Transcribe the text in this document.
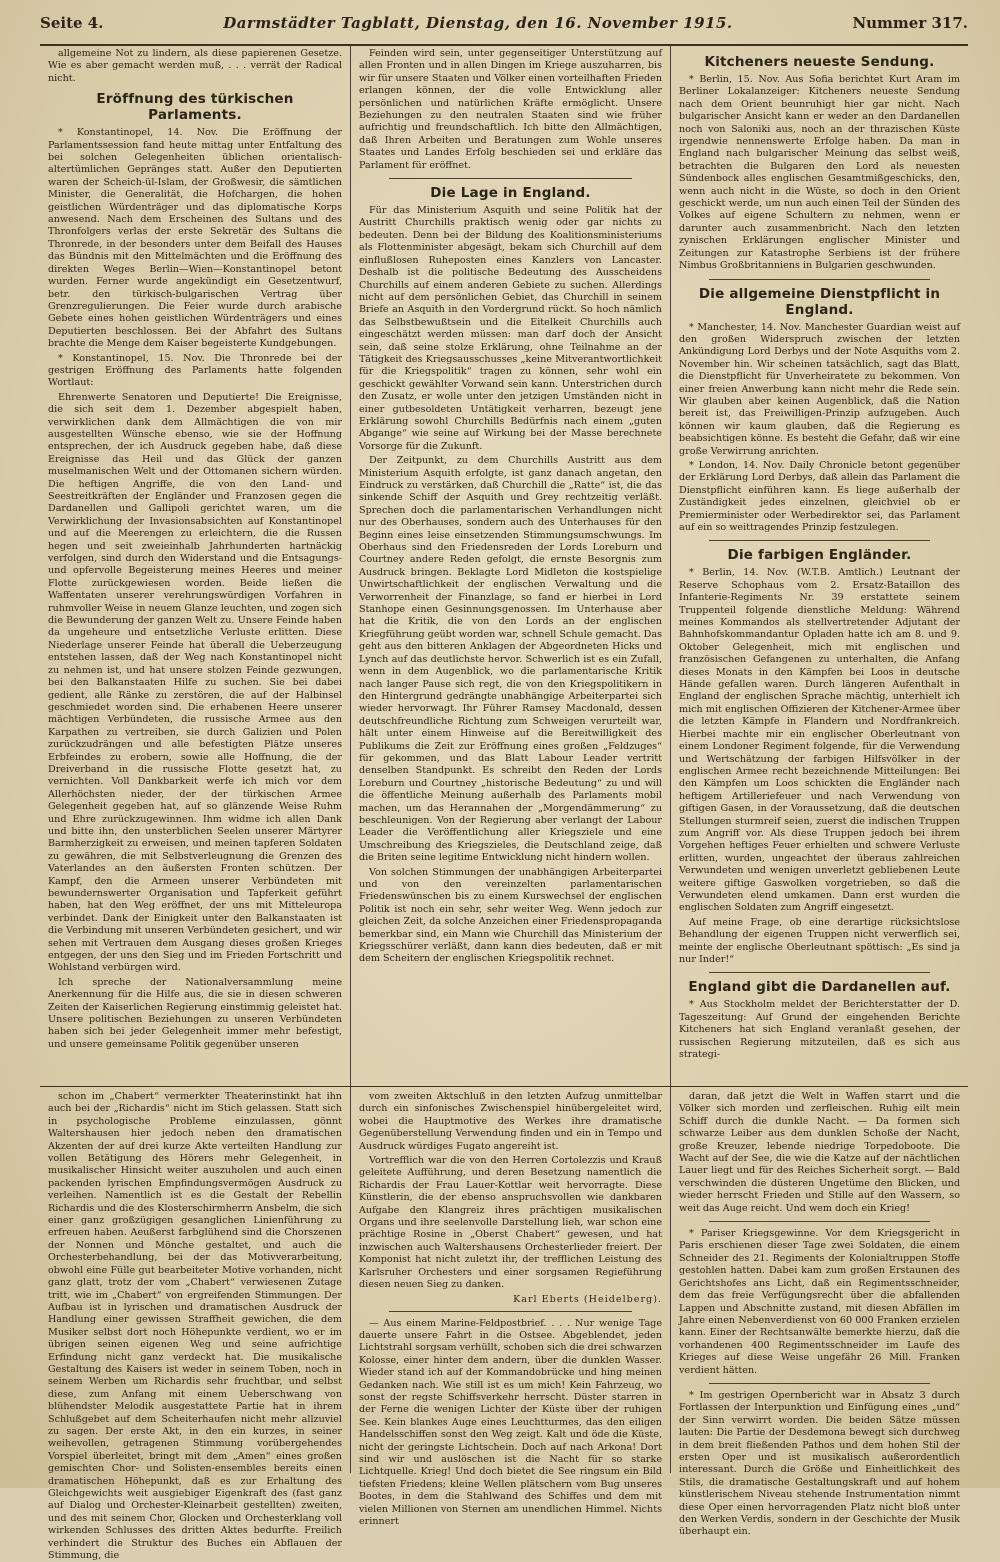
Seite 4.	Darmstädter Tagblatt, Dienstag, den 16. November 1915.	Nummer 317.

allgemeine Not zu lindern, als diese papierenen Gesetze. Wie es aber gemacht werden muß, . . . verrät der Radical nicht.

Eröffnung des türkischen Parlaments.

* Konstantinopel, 14. Nov. Die Eröffnung der Parlamentssession fand heute mittag unter Entfaltung des bei solchen Gelegenheiten üblichen orientalisch-altertümlichen Gepränges statt. Außer den Deputierten waren der Scheich-ül-Islam, der Großwesir, die sämtlichen Minister, die Generalität, die Hofchargen, die hohen geistlichen Würdenträger und das diplomatische Korps anwesend. Nach dem Erscheinen des Sultans und des Thronfolgers verlas der erste Sekretär des Sultans die Thronrede, in der besonders unter dem Beifall des Hauses das Bündnis mit den Mittelmächten und die Eröffnung des direkten Weges Berlin—Wien—Konstantinopel betont wurden. Ferner wurde angekündigt ein Gesetzentwurf, betr. den türkisch-bulgarischen Vertrag über Grenzregulierungen. Die Feier wurde durch arabische Gebete eines hohen geistlichen Würdenträgers und eines Deputierten beschlossen. Bei der Abfahrt des Sultans brachte die Menge dem Kaiser begeisterte Kundgebungen.

* Konstantinopel, 15. Nov. Die Thronrede bei der gestrigen Eröffnung des Parlaments hatte folgenden Wortlaut:

Ehrenwerte Senatoren und Deputierte! Die Ereignisse, die sich seit dem 1. Dezember abgespielt haben, verwirklichen dank dem Allmächtigen die von mir ausgestellten Wünsche ebenso, wie sie der Hoffnung entsprechen, der ich Ausdruck gegeben habe, daß diese Ereignisse das Heil und das Glück der ganzen muselmanischen Welt und der Ottomanen sichern würden. Die heftigen Angriffe, die von den Land- und Seestreitkräften der Engländer und Franzosen gegen die Dardanellen und Gallipoli gerichtet waren, um die Verwirklichung der Invasionsabsichten auf Konstantinopel und auf die Meerengen zu erleichtern, die die Russen hegen und seit zweieinhalb Jahrhunderten hartnäckig verfolgen, sind durch den Widerstand und die Entsagungs- und opfervolle Begeisterung meines Heeres und meiner Flotte zurückgewiesen worden. Beide ließen die Waffentaten unserer verehrungswürdigen Vorfahren in ruhmvoller Weise in neuem Glanze leuchten, und zogen sich die Bewunderung der ganzen Welt zu. Unsere Feinde haben da ungeheure und entsetzliche Verluste erlitten. Diese Niederlage unserer Feinde hat überall die Ueberzeugung entstehen lassen, daß der Weg nach Konstantinopel nicht zu nehmen ist, und hat unsere stolzen Feinde gezwungen, bei den Balkanstaaten Hilfe zu suchen. Sie bei dabei gedient, alle Ränke zu zerstören, die auf der Halbinsel geschmiedet worden sind. Die erhabenen Heere unserer mächtigen Verbündeten, die russische Armee aus den Karpathen zu vertreiben, sie durch Galizien und Polen zurückzudrängen und alle befestigten Plätze unseres Erbfeindes zu erobern, sowie alle Hoffnung, die der Dreiverband in die russische Flotte gesetzt hat, zu vernichten. Voll Dankbarkeit werfe ich mich vor dem Allerhöchsten nieder, der der türkischen Armee Gelegenheit gegeben hat, auf so glänzende Weise Ruhm und Ehre zurückzugewinnen. Ihm widme ich allen Dank und bitte ihn, den unsterblichen Seelen unserer Märtyrer Barmherzigkeit zu erweisen, und meinen tapferen Soldaten zu gewähren, die mit Selbstverleugnung die Grenzen des Vaterlandes an den äußersten Fronten schützen. Der Kampf, den die Armeen unserer Verbündeten mit bewundernswerter Organisation und Tapferkeit geführt haben, hat den Weg eröffnet, der uns mit Mitteleuropa verbindet. Dank der Einigkeit unter den Balkanstaaten ist die Verbindung mit unseren Verbündeten gesichert, und wir sehen mit Vertrauen dem Ausgang dieses großen Krieges entgegen, der uns den Sieg und im Frieden Fortschritt und Wohlstand verbürgen wird.

Ich spreche der Nationalversammlung meine Anerkennung für die Hilfe aus, die sie in diesen schweren Zeiten der Kaiserlichen Regierung einstimmig geleistet hat. Unsere politischen Beziehungen zu unseren Verbündeten haben sich bei jeder Gelegenheit immer mehr befestigt, und unsere gemeinsame Politik gegenüber unseren

Feinden wird sein, unter gegenseitiger Unterstützung auf allen Fronten und in allen Dingen im Kriege auszuharren, bis wir für unsere Staaten und Völker einen vorteilhaften Frieden erlangen können, der die volle Entwicklung aller persönlichen und natürlichen Kräfte ermöglicht. Unsere Beziehungen zu den neutralen Staaten sind wie früher aufrichtig und freundschaftlich. Ich bitte den Allmächtigen, daß Ihren Arbeiten und Beratungen zum Wohle unseres Staates und Landes Erfolg beschieden sei und erkläre das Parlament für eröffnet.

Die Lage in England.

Für das Ministerium Asquith und seine Politik hat der Austritt Churchills praktisch wenig oder gar nichts zu bedeuten. Denn bei der Bildung des Koalitionsministeriums als Flottenminister abgesägt, bekam sich Churchill auf dem einflußlosen Ruheposten eines Kanzlers von Lancaster. Deshalb ist die politische Bedeutung des Ausscheidens Churchills auf einem anderen Gebiete zu suchen. Allerdings nicht auf dem persönlichen Gebiet, das Churchill in seinem Briefe an Asquith in den Vordergrund rückt. So hoch nämlich das Selbstbewußtsein und die Eitelkeit Churchills auch eingeschätzt werden müssen: man darf doch der Ansicht sein, daß seine stolze Erklärung, ohne Teilnahme an der Tätigkeit des Kriegsausschusses „keine Mitverantwortlichkeit für die Kriegspolitik“ tragen zu können, sehr wohl ein geschickt gewählter Vorwand sein kann. Unterstrichen durch den Zusatz, er wolle unter den jetzigen Umständen nicht in einer gutbesoldeten Untätigkeit verharren, bezeugt jene Erklärung sowohl Churchills Bedürfnis nach einem „guten Abgange“ wie seine auf Wirkung bei der Masse berechnete Vorsorge für die Zukunft.

Der Zeitpunkt, zu dem Churchills Austritt aus dem Ministerium Asquith erfolgte, ist ganz danach angetan, den Eindruck zu verstärken, daß Churchill die „Ratte“ ist, die das sinkende Schiff der Asquith und Grey rechtzeitig verläßt. Sprechen doch die parlamentarischen Verhandlungen nicht nur des Oberhauses, sondern auch des Unterhauses für den Beginn eines leise einsetzenden Stimmungsumschwungs. Im Oberhaus sind den Friedensreden der Lords Loreburn und Courtney andere Reden gefolgt, die ernste Besorgnis zum Ausdruck bringen. Beklagte Lord Midleton die kostspielige Unwirtschaftlichkeit der englischen Verwaltung und die Verworrenheit der Finanzlage, so fand er hierbei in Lord Stanhope einen Gesinnungsgenossen. Im Unterhause aber hat die Kritik, die von den Lords an der englischen Kriegführung geübt worden war, schnell Schule gemacht. Das geht aus den bitteren Anklagen der Abgeordneten Hicks und Lynch auf das deutlichste hervor. Schwerlich ist es ein Zufall, wenn in dem Augenblick, wo die parlamentarische Kritik nach langer Pause sich regt, die von den Kriegspolitikern in den Hintergrund gedrängte unabhängige Arbeiterpartei sich wieder hervorwagt. Ihr Führer Ramsey Macdonald, dessen deutschfreundliche Richtung zum Schweigen verurteilt war, hält unter einem Hinweise auf die Bereitwilligkeit des Publikums die Zeit zur Eröffnung eines großen „Feldzuges“ für gekommen, und das Blatt Labour Leader vertritt denselben Standpunkt. Es schreibt den Reden der Lords Loreburn und Courtney „historische Bedeutung“ zu und will die öffentliche Meinung außerhalb des Parlaments mobil machen, um das Herannahen der „Morgendämmerung“ zu beschleunigen. Von der Regierung aber verlangt der Labour Leader die Veröffentlichung aller Kriegsziele und eine Umschreibung des Kriegszieles, die Deutschland zeige, daß die Briten seine legitime Entwicklung nicht hindern wollen.

Von solchen Stimmungen der unabhängigen Arbeiterpartei und von den vereinzelten parlamentarischen Friedenswünschen bis zu einem Kurswechsel der englischen Politik ist noch ein sehr, sehr weiter Weg. Wenn jedoch zur gleichen Zeit, da solche Anzeichen einer Friedenspropaganda bemerkbar sind, ein Mann wie Churchill das Ministerium der Kriegsschürer verläßt, dann kann dies bedeuten, daß er mit dem Scheitern der englischen Kriegspolitik rechnet.

Kitcheners neueste Sendung.

* Berlin, 15. Nov. Aus Sofia berichtet Kurt Aram im Berliner Lokalanzeiger: Kitcheners neueste Sendung nach dem Orient beunruhigt hier gar nicht. Nach bulgarischer Ansicht kann er weder an den Dardanellen noch von Saloniki aus, noch an der thrazischen Küste irgendwie nennenswerte Erfolge haben. Da man in England nach bulgarischer Meinung das selbst weiß, betrachten die Bulgaren den Lord als neuesten Sündenbock alles englischen Gesamtmißgeschicks, den, wenn auch nicht in die Wüste, so doch in den Orient geschickt werde, um nun auch einen Teil der Sünden des Volkes auf eigene Schultern zu nehmen, wenn er darunter auch zusammenbricht. Nach den letzten zynischen Erklärungen englischer Minister und Zeitungen zur Katastrophe Serbiens ist der frühere Nimbus Großbritanniens in Bulgarien geschwunden.

Die allgemeine Dienstpflicht in England.

* Manchester, 14. Nov. Manchester Guardian weist auf den großen Widerspruch zwischen der letzten Ankündigung Lord Derbys und der Note Asquiths vom 2. November hin. Wir scheinen tatsächlich, sagt das Blatt, die Dienstpflicht für Unverheiratete zu bekommen. Von einer freien Anwerbung kann nicht mehr die Rede sein. Wir glauben aber keinen Augenblick, daß die Nation bereit ist, das Freiwilligen-Prinzip aufzugeben. Auch können wir kaum glauben, daß die Regierung es beabsichtigen könne. Es besteht die Gefahr, daß wir eine große Verwirrung anrichten.

* London, 14. Nov. Daily Chronicle betont gegenüber der Erklärung Lord Derbys, daß allein das Parlament die Dienstpflicht einführen kann. Es liege außerhalb der Zuständigkeit jedes einzelnen, gleichviel ob er Premierminister oder Werbedirektor sei, das Parlament auf ein so weittragendes Prinzip festzulegen.

Die farbigen Engländer.

* Berlin, 14. Nov. (W.T.B. Amtlich.) Leutnant der Reserve Schophaus vom 2. Ersatz-Bataillon des Infanterie-Regiments Nr. 39 erstattete seinem Truppenteil folgende dienstliche Meldung: Während meines Kommandos als stellvertretender Adjutant der Bahnhofskommandantur Opladen hatte ich am 8. und 9. Oktober Gelegenheit, mich mit englischen und französischen Gefangenen zu unterhalten, die Anfang dieses Monats in den Kämpfen bei Loos in deutsche Hände gefallen waren. Durch längeren Aufenthalt in England der englischen Sprache mächtig, unterhielt ich mich mit englischen Offizieren der Kitchener-Armee über die letzten Kämpfe in Flandern und Nordfrankreich. Hierbei machte mir ein englischer Oberleutnant von einem Londoner Regiment folgende, für die Verwendung und Wertschätzung der farbigen Hilfsvölker in der englischen Armee recht bezeichnende Mitteilungen: Bei den Kämpfen um Loos schickten die Engländer nach heftigem Artilleriefeuer und nach Verwendung von giftigen Gasen, in der Voraussetzung, daß die deutschen Stellungen sturmreif seien, zuerst die indischen Truppen zum Angriff vor. Als diese Truppen jedoch bei ihrem Vorgehen heftiges Feuer erhielten und schwere Verluste erlitten, wurden, ungeachtet der überaus zahlreichen Verwundeten und wenigen unverletzt gebliebenen Leute weitere giftige Gaswolken vorgetrieben, so daß die Verwundeten elend umkamen. Dann erst wurden die englischen Soldaten zum Angriff eingesetzt.

Auf meine Frage, ob eine derartige rücksichtslose Behandlung der eigenen Truppen nicht verwerflich sei, meinte der englische Oberleutnant spöttisch: „Es sind ja nur Inder!“

England gibt die Dardanellen auf.

* Aus Stockholm meldet der Berichterstatter der D. Tageszeitung: Auf Grund der eingehenden Berichte Kitcheners hat sich England veranlaßt gesehen, der russischen Regierung mitzuteilen, daß es sich aus strategi-

schon im „Chabert“ vermerkter Theaterinstinkt hat ihn auch bei der „Richardis“ nicht im Stich gelassen. Statt sich in psychologische Probleme einzulassen, gönnt Waltershausen hier jedoch neben den dramatischen Akzenten der auf drei kurze Akte verteilten Handlung zur vollen Betätigung des Hörers mehr Gelegenheit, in musikalischer Hinsicht weiter auszuholen und auch einen packenden lyrischen Empfindungsvermögen Ausdruck zu verleihen. Namentlich ist es die Gestalt der Rebellin Richardis und die des Klosterschirmherrn Ansbelm, die sich einer ganz großzügigen gesanglichen Linienführung zu erfreuen haben. Aeußerst farbglühend sind die Chorszenen der Nonnen und Mönche gestaltet, und auch die Orchesterbehandlung, bei der das Motivverarbeitung, obwohl eine Fülle gut bearbeiteter Motive vorhanden, nicht ganz glatt, trotz der vom „Chabert“ verwiesenen Zutage tritt, wie im „Chabert“ von ergreifenden Stimmungen. Der Aufbau ist in lyrischen und dramatischen Ausdruck der Handlung einer gewissen Straffheit gewichen, die dem Musiker selbst dort noch Höhepunkte verdient, wo er im übrigen seinen eigenen Weg und seine aufrichtige Erfindung nicht ganz verdeckt hat. Die musikalische Gestaltung des Kaisers ist weder in seinem Toben, noch in seinem Werben um Richardis sehr fruchtbar, und selbst diese, zum Anfang mit einem Ueberschwang von blühendster Melodik ausgestattete Partie hat in ihrem Schlußgebet auf dem Scheiterhaufen nicht mehr allzuviel zu sagen. Der erste Akt, in den ein kurzes, in seiner weihevollen, getragenen Stimmung vorübergehendes Vorspiel überleitet, bringt mit dem „Amen“ eines großen gemischten Chor- und Solisten-ensembles bereits einen dramatischen Höhepunkt, daß es zur Erhaltung des Gleichgewichts weit ausgiebiger Eigenkraft des (fast ganz auf Dialog und Orchester-Kleinarbeit gestellten) zweiten, und des mit seinem Chor, Glocken und Orchesterklang voll wirkenden Schlusses des dritten Aktes bedurfte. Freilich verhindert die Struktur des Buches ein Abflauen der Stimmung, die

vom zweiten Aktschluß in den letzten Aufzug unmittelbar durch ein sinfonisches Zwischenspiel hinübergeleitet wird, wobei die Hauptmotive des Werkes ihre dramatische Gegenüberstellung Verwendung finden und ein in Tempo und Ausdruck würdiges Fugato angereiht ist.

Vortrefflich war die von den Herren Cortolezzis und Krauß geleitete Aufführung, und deren Besetzung namentlich die Richardis der Frau Lauer-Kottlar weit hervorragte. Diese Künstlerin, die der ebenso anspruchsvollen wie dankbaren Aufgabe den Klangreiz ihres prächtigen musikalischen Organs und ihre seelenvolle Darstellung lieh, war schon eine prächtige Rosine in „Oberst Chabert“ gewesen, und hat inzwischen auch Waltershausens Orchesterlieder freiert. Der Komponist hat nicht zuletzt ihr, der trefflichen Leistung des Karlsruher Orchesters und einer sorgsamen Regieführung diesen neuen Sieg zu danken.

Karl Eberts (Heidelberg).

— Aus einem Marine-Feldpostbrief. . . . Nur wenige Tage dauerte unsere Fahrt in die Ostsee. Abgeblendet, jeden Lichtstrahl sorgsam verhüllt, schoben sich die drei schwarzen Kolosse, einer hinter dem andern, über die dunklen Wasser. Wieder stand ich auf der Kommandobrücke und hing meinen Gedanken nach. Wie still ist es um mich! Kein Fahrzeug, wo sonst der regste Schiffsverkehr herrscht. Düster starren in der Ferne die wenigen Lichter der Küste über der ruhigen See. Kein blankes Auge eines Leuchtturmes, das den eiligen Handelsschiffen sonst den Weg zeigt. Kalt und öde die Küste, nicht der geringste Lichtschein. Doch auf nach Arkona! Dort sind wir und auslöschen ist die Nacht für so starke Lichtquelle. Krieg! Und doch bietet die See ringsum ein Bild tiefsten Friedens; kleine Wellen plätschern vom Bug unseres Bootes, in dem die Stahlwand des Schiffes und dem mit vielen Millionen von Sternen am unendlichen Himmel. Nichts erinnert

daran, daß jetzt die Welt in Waffen starrt und die Völker sich morden und zerfleischen. Ruhig eilt mein Schiff durch die dunkle Nacht. — Da formen sich schwarze Leiber aus dem dunklen Schoße der Nacht, große Kreuzer, lebende niedrige Torpedoboote. Die Wacht auf der See, die wie die Katze auf der nächtlichen Lauer liegt und für des Reiches Sicherheit sorgt. — Bald verschwinden die düsteren Ungetüme den Blicken, und wieder herrscht Frieden und Stille auf den Wassern, so weit das Auge reicht. Und wem doch ein Krieg!

* Pariser Kriegsgewinne. Vor dem Kriegsgericht in Paris erschienen dieser Tage zwei Soldaten, die einem Schneider des 21. Regiments der Kolonialtruppen Stoffe gestohlen hatten. Dabei kam zum großen Erstaunen des Gerichtshofes ans Licht, daß ein Regimentsschneider, dem das freie Verfügungsrecht über die abfallenden Lappen und Abschnitte zustand, mit diesen Abfällen im Jahre einen Nebenverdienst von 60 000 Franken erzielen kann. Einer der Rechtsanwälte bemerkte hierzu, daß die vorhandenen 400 Regimentsschneider im Laufe des Krieges auf diese Weise ungefähr 26 Mill. Franken verdient hätten.

* Im gestrigen Opernbericht war in Absatz 3 durch Fortlassen der Interpunktion und Einfügung eines „und“ der Sinn verwirrt worden. Die beiden Sätze müssen lauten: Die Partie der Desdemona bewegt sich durchweg in dem breit fließenden Pathos und dem hohen Stil der ersten Oper und ist musikalisch außerordentlich interessant. Durch die Größe und Einheitlichkeit des Stils, die dramatische Gestaltungskraft und auf hohem künstlerischem Niveau stehende Instrumentation nimmt diese Oper einen hervorragenden Platz nicht bloß unter den Werken Verdis, sondern in der Geschichte der Musik überhaupt ein.
